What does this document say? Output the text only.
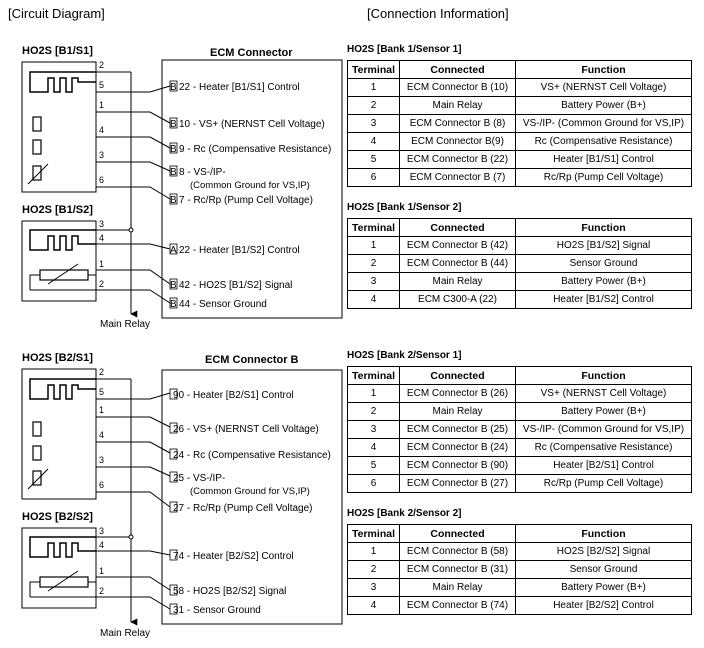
[Circuit Diagram]	[Connection Information]
HO2S [B1/S1]	ECM Connector
HO2S [B1/S2]
2
5
1
4
3
6
3
4
1
2
Main Relay
B 22 - Heater [B1/S1] Control
B 10 - VS+ (NERNST Cell Voltage)
B 9 - Rc (Compensative Resistance)
B 8 - VS-/IP-
(Common Ground for VS,IP)
B 7 - Rc/Rp (Pump Cell Voltage)
A 22 - Heater [B1/S2] Control
B 42 - HO2S [B1/S2] Signal
B 44 - Sensor Ground
HO2S [B2/S1]	ECM Connector B
HO2S [B2/S2]
2
5
1
4
3
6
3
4
1
2
Main Relay
90 - Heater [B2/S1] Control
26 - VS+ (NERNST Cell Voltage)
24 - Rc (Compensative Resistance)
25 - VS-/IP-
(Common Ground for VS,IP)
27 - Rc/Rp (Pump Cell Voltage)
74 - Heater [B2/S2] Control
58 - HO2S [B2/S2] Signal
31 - Sensor Ground
HO2S [Bank 1/Sensor 1]
Terminal	Connected	Function
1	ECM Connector B (10)	VS+ (NERNST Cell Voltage)
2	Main Relay	Battery Power (B+)
3	ECM Connector B (8)	VS-/IP- (Common Ground for VS,IP)
4	ECM Connector B(9)	Rc (Compensative Resistance)
5	ECM Connector B (22)	Heater [B1/S1] Control
6	ECM Connector B (7)	Rc/Rp (Pump Cell Voltage)
HO2S [Bank 1/Sensor 2]
Terminal	Connected	Function
1	ECM Connector B (42)	HO2S [B1/S2] Signal
2	ECM Connector B (44)	Sensor Ground
3	Main Relay	Battery Power (B+)
4	ECM C300-A (22)	Heater [B1/S2] Control
HO2S [Bank 2/Sensor 1]
Terminal	Connected	Function
1	ECM Connector B (26)	VS+ (NERNST Cell Voltage)
2	Main Relay	Battery Power (B+)
3	ECM Connector B (25)	VS-/IP- (Common Ground for VS,IP)
4	ECM Connector B (24)	Rc (Compensative Resistance)
5	ECM Connector B (90)	Heater [B2/S1] Control
6	ECM Connector B (27)	Rc/Rp (Pump Cell Voltage)
HO2S [Bank 2/Sensor 2]
Terminal	Connected	Function
1	ECM Connector B (58)	HO2S [B2/S2] Signal
2	ECM Connector B (31)	Sensor Ground
3	Main Relay	Battery Power (B+)
4	ECM Connector B (74)	Heater [B2/S2] Control
